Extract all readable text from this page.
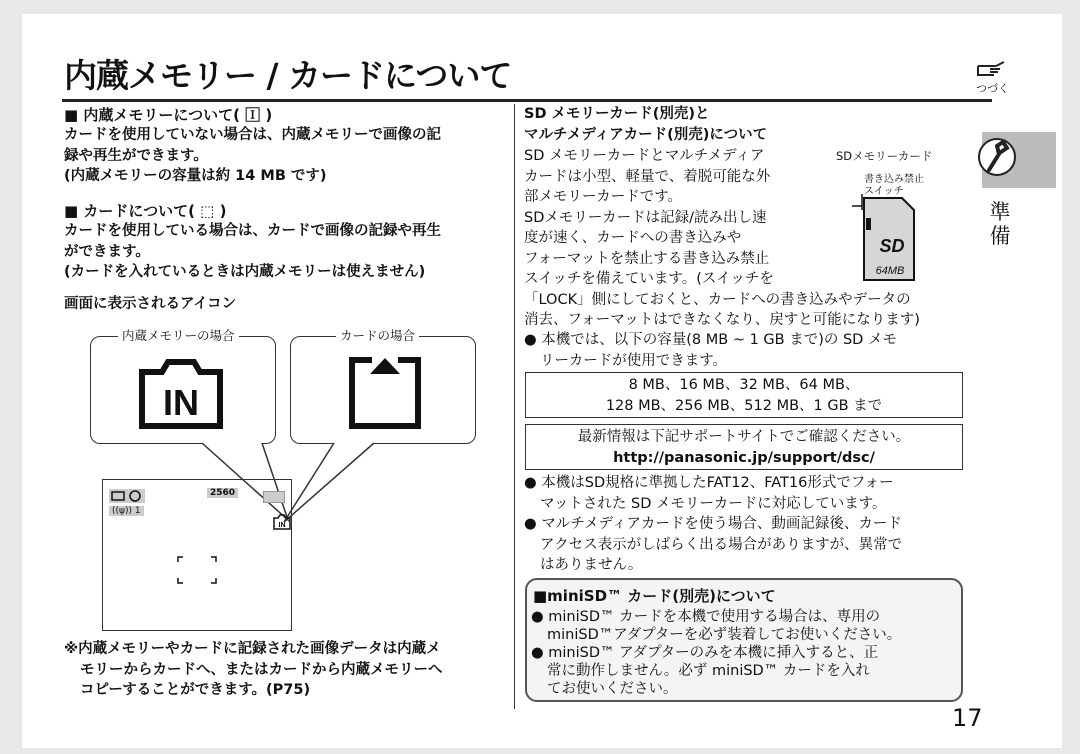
内蔵メモリー / カードについて	つづく
準備
■ 内蔵メモリーについて( 🄸 )
カードを使用していない場合は、内蔵メモリーで画像の記
録や再生ができます。
(内蔵メモリーの容量は約 14 MB です)
■ カードについて( ⬚ )
カードを使用している場合は、カードで画像の記録や再生
ができます。
(カードを入れているときは内蔵メモリーは使えません)
画面に表示されるアイコン
内蔵メモリーの場合
IN
カードの場合
((ψ)) 1
2560
IN
※内蔵メモリーやカードに記録された画像データは内蔵メ
モリーからカードへ、またはカードから内蔵メモリーへ
コピーすることができます。(P75)
SD メモリーカード(別売)と
マルチメディアカード(別売)について
SDメモリーカード
書き込み禁止
スイッチ
SD
64MB
SD メモリーカードとマルチメディア
カードは小型、軽量で、着脱可能な外
部メモリーカードです。
SDメモリーカードは記録/読み出し速
度が速く、カードへの書き込みや
フォーマットを禁止する書き込み禁止
スイッチを備えています。(スイッチを
「LOCK」側にしておくと、カードへの書き込みやデータの
消去、フォーマットはできなくなり、戻すと可能になります)
● 本機では、以下の容量(8 MB ~ 1 GB まで)の SD メモ
リーカードが使用できます。
8 MB、16 MB、32 MB、64 MB、
128 MB、256 MB、512 MB、1 GB まで
最新情報は下記サポートサイトでご確認ください。
http://panasonic.jp/support/dsc/
● 本機はSD規格に準拠したFAT12、FAT16形式でフォー
マットされた SD メモリーカードに対応しています。
● マルチメディアカードを使う場合、動画記録後、カード
アクセス表示がしばらく出る場合がありますが、異常で
はありません。
■miniSD™ カード(別売)について
● miniSD™ カードを本機で使用する場合は、専用の
miniSD™アダプターを必ず装着してお使いください。
● miniSD™ アダプターのみを本機に挿入すると、正
常に動作しません。必ず miniSD™ カードを入れ
てお使いください。
17
